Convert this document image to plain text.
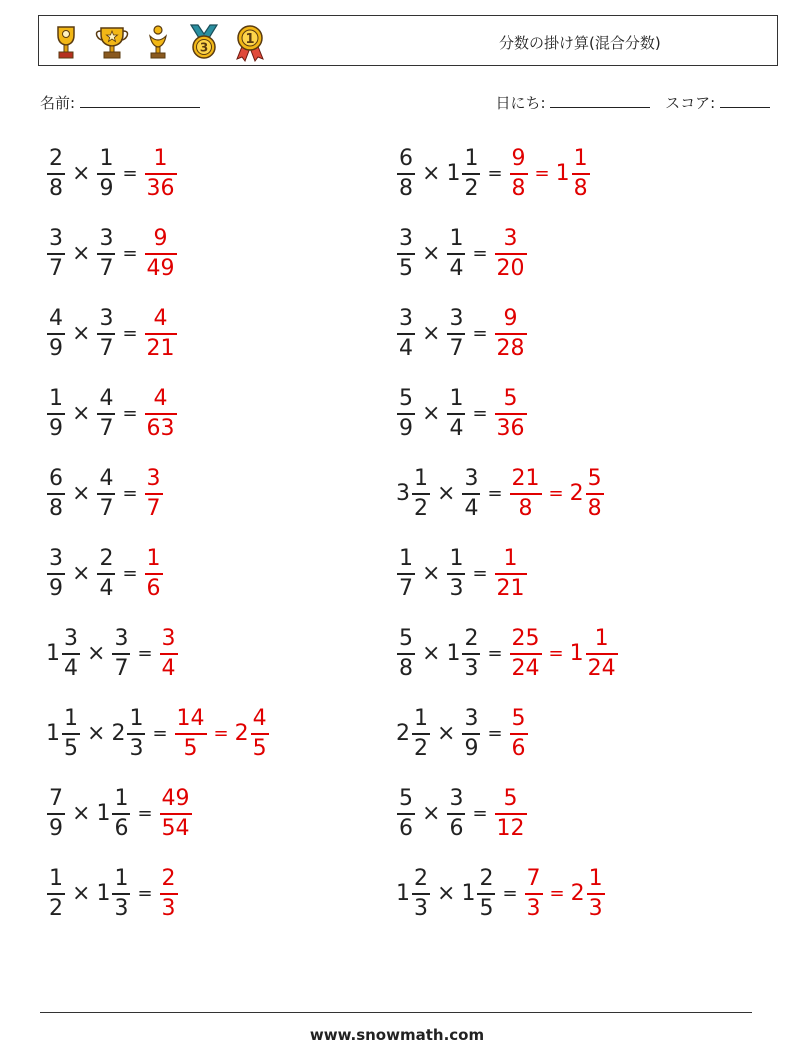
3
1	分数の掛け算(混合分数)
名前:	日にち:	スコア:
$\frac{2}{8} \times \frac{1}{9} = \frac{1}{36}$	$\frac{6}{8} \times 1 \frac{1}{2} = \frac{9}{8} = 1 \frac{1}{8}$
$\frac{3}{7} \times \frac{3}{7} = \frac{9}{49}$	$\frac{3}{5} \times \frac{1}{4} = \frac{3}{20}$
$\frac{4}{9} \times \frac{3}{7} = \frac{4}{21}$	$\frac{3}{4} \times \frac{3}{7} = \frac{9}{28}$
$\frac{1}{9} \times \frac{4}{7} = \frac{4}{63}$	$\frac{5}{9} \times \frac{1}{4} = \frac{5}{36}$
$\frac{6}{8} \times \frac{4}{7} = \frac{3}{7}$	$3 \frac{1}{2} \times \frac{3}{4} = \frac{21}{8} = 2 \frac{5}{8}$
$\frac{3}{9} \times \frac{2}{4} = \frac{1}{6}$	$\frac{1}{7} \times \frac{1}{3} = \frac{1}{21}$
$1 \frac{3}{4} \times \frac{3}{7} = \frac{3}{4}$	$\frac{5}{8} \times 1 \frac{2}{3} = \frac{25}{24} = 1 \frac{1}{24}$
$1 \frac{1}{5} \times 2 \frac{1}{3} = \frac{14}{5} = 2 \frac{4}{5}$	$2 \frac{1}{2} \times \frac{3}{9} = \frac{5}{6}$
$\frac{7}{9} \times 1 \frac{1}{6} = \frac{49}{54}$	$\frac{5}{6} \times \frac{3}{6} = \frac{5}{12}$
$\frac{1}{2} \times 1 \frac{1}{3} = \frac{2}{3}$	$1 \frac{2}{3} \times 1 \frac{2}{5} = \frac{7}{3} = 2 \frac{1}{3}$
www.snowmath.com
